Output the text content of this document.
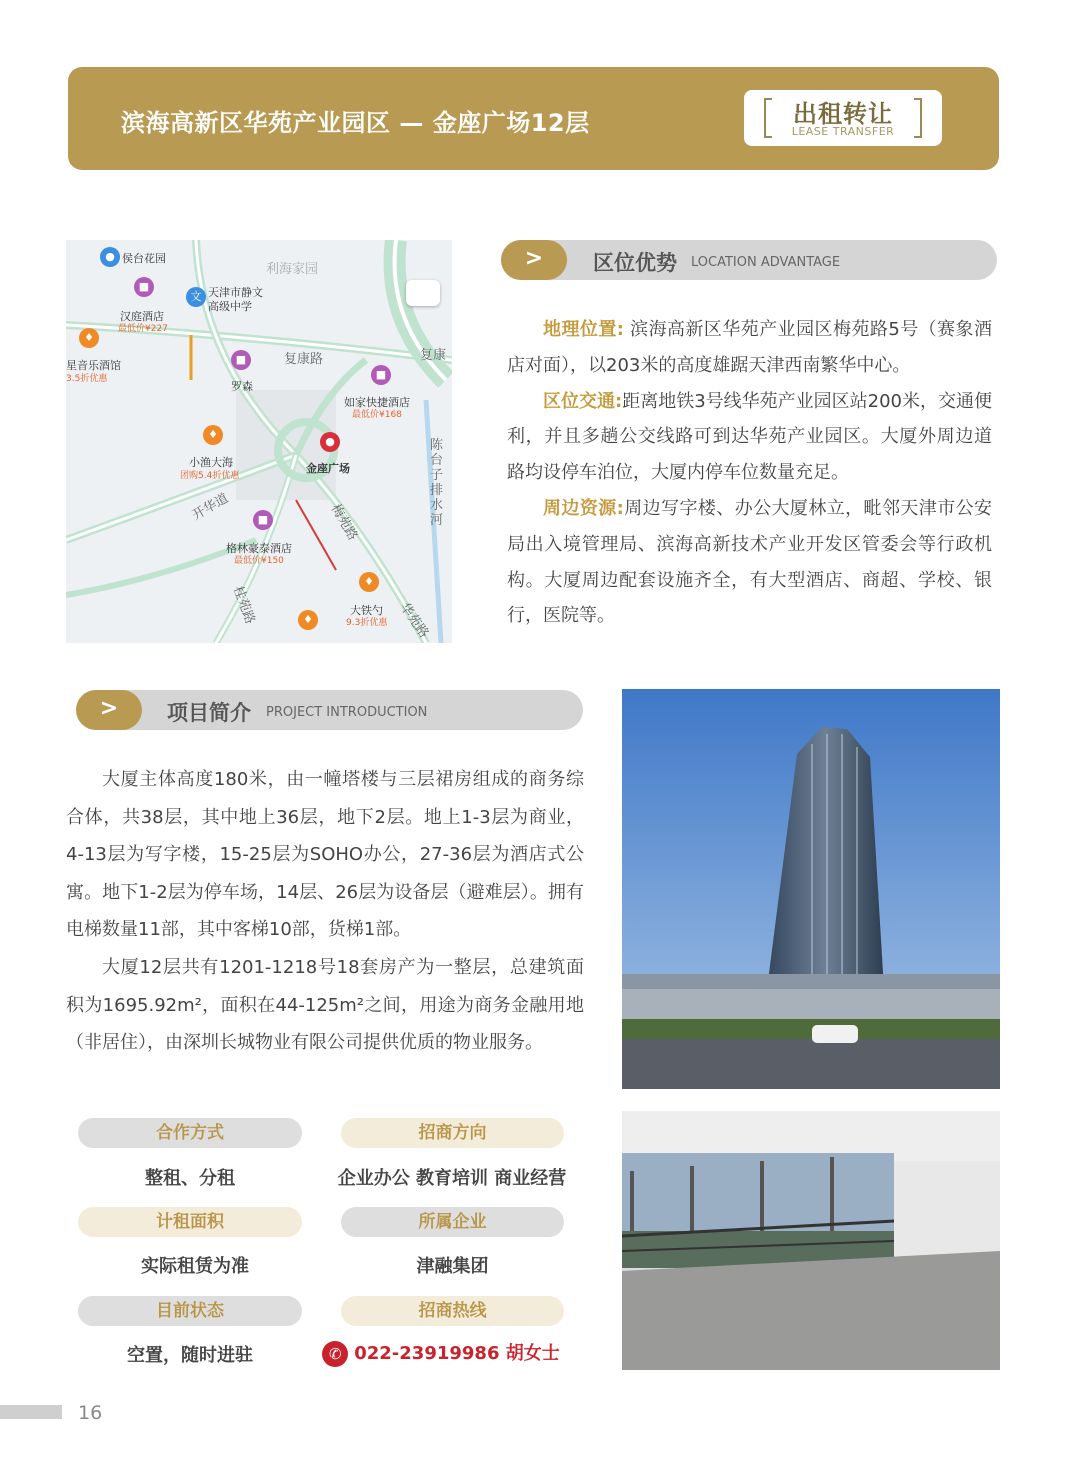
滨海高新区华苑产业园区 — 金座广场12层	出租转让
LEASE TRANSFER
● 侯台花园
利海家园
■
文 天津市静文
高级中学
汉庭酒店
最低价¥227
♦
星音乐酒馆
3.5折优惠
复康路	复康
■
罗森
■
如家快捷酒店
最低价¥168
♦
小渔大海
团购5.4折优惠
●
金座广场
陈台子排水河
开华道	梅苑路
■
格林豪泰酒店
最低价¥150
♦
大铁勺
9.3折优惠
♦	华苑路
桂苑路
>	区位优势 LOCATION ADVANTAGE

地理位置: 滨海高新区华苑产业园区梅苑路5号（赛象酒店对面），以203米的高度雄踞天津西南繁华中心。

区位交通:距离地铁3号线华苑产业园区站200米，交通便利，并且多趟公交线路可到达华苑产业园区。大厦外周边道路均设停车泊位，大厦内停车位数量充足。

周边资源:周边写字楼、办公大厦林立，毗邻天津市公安局出入境管理局、滨海高新技术产业开发区管委会等行政机构。大厦周边配套设施齐全，有大型酒店、商超、学校、银行，医院等。

>	项目简介 PROJECT INTRODUCTION

大厦主体高度180米，由一幢塔楼与三层裙房组成的商务综合体，共38层，其中地上36层，地下2层。地上1-3层为商业，4-13层为写字楼，15-25层为SOHO办公，27-36层为酒店式公寓。地下1-2层为停车场，14层、26层为设备层（避难层）。拥有电梯数量11部，其中客梯10部，货梯1部。

大厦12层共有1201-1218号18套房产为一整层，总建筑面积为1695.92m²，面积在44-125m²之间，用途为商务金融用地（非居住），由深圳长城物业有限公司提供优质的物业服务。

合作方式
整租、分租
招商方向
企业办公 教育培训 商业经营
计租面积
实际租赁为准
所属企业
津融集团
目前状态
空置，随时进驻
招商热线
✆ 022-23919986 胡女士
16
